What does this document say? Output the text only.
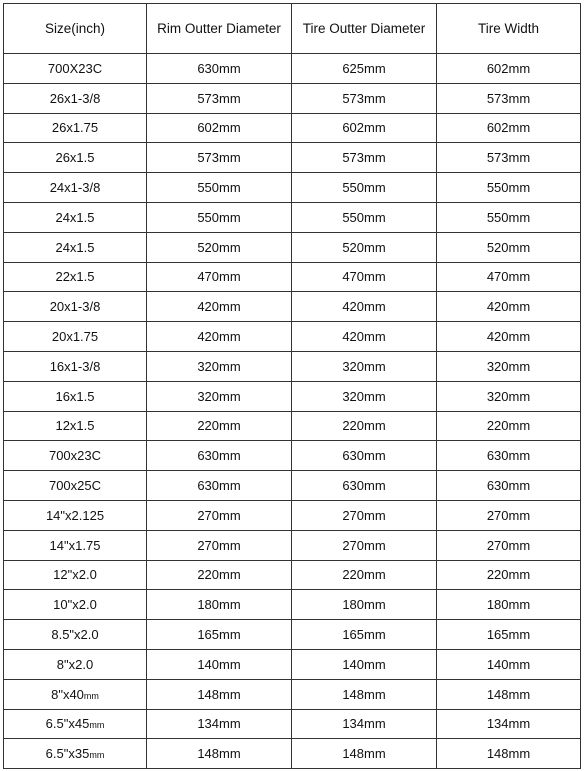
Size(inch)	Rim Outter Diameter	Tire Outter Diameter	Tire Width
700X23C	630mm	625mm	602mm
26x1-3/8	573mm	573mm	573mm
26x1.75	602mm	602mm	602mm
26x1.5	573mm	573mm	573mm
24x1-3/8	550mm	550mm	550mm
24x1.5	550mm	550mm	550mm
24x1.5	520mm	520mm	520mm
22x1.5	470mm	470mm	470mm
20x1-3/8	420mm	420mm	420mm
20x1.75	420mm	420mm	420mm
16x1-3/8	320mm	320mm	320mm
16x1.5	320mm	320mm	320mm
12x1.5	220mm	220mm	220mm
700x23C	630mm	630mm	630mm
700x25C	630mm	630mm	630mm
14"x2.125	270mm	270mm	270mm
14"x1.75	270mm	270mm	270mm
12"x2.0	220mm	220mm	220mm
10"x2.0	180mm	180mm	180mm
8.5"x2.0	165mm	165mm	165mm
8"x2.0	140mm	140mm	140mm
8"x40mm	148mm	148mm	148mm
6.5"x45mm	134mm	134mm	134mm
6.5"x35mm	148mm	148mm	148mm
